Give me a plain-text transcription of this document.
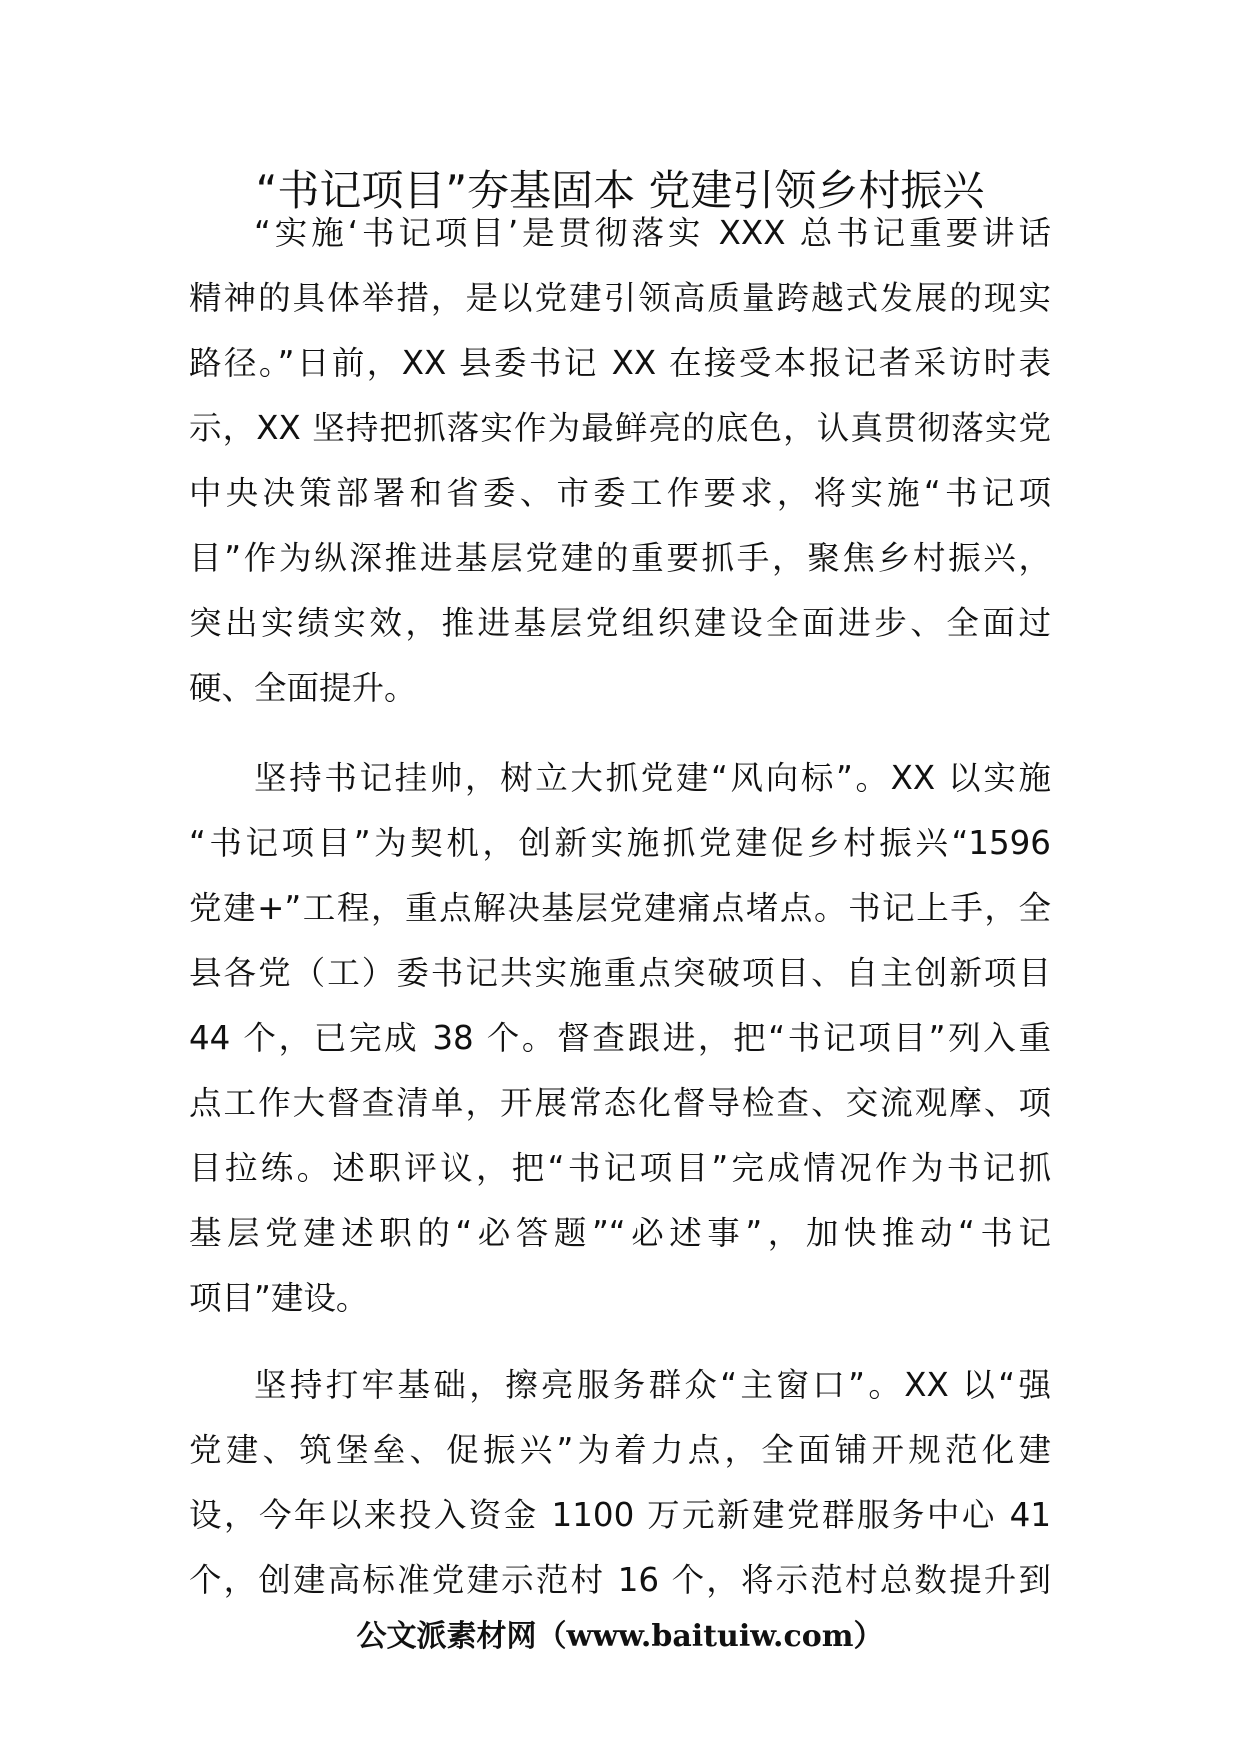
“书记项目”夯基固本 党建引领乡村振兴
“实施‘书记项目’是贯彻落实 XXX 总书记重要讲话
精神的具体举措，是以党建引领高质量跨越式发展的现实
路径。”日前，XX 县委书记 XX 在接受本报记者采访时表
示，XX 坚持把抓落实作为最鲜亮的底色，认真贯彻落实党
中央决策部署和省委、市委工作要求，将实施“书记项
目”作为纵深推进基层党建的重要抓手，聚焦乡村振兴，
突出实绩实效，推进基层党组织建设全面进步、全面过
硬、全面提升。
坚持书记挂帅，树立大抓党建“风向标”。XX 以实施
“书记项目”为契机，创新实施抓党建促乡村振兴“1596
党建+”工程，重点解决基层党建痛点堵点。书记上手，全
县各党（工）委书记共实施重点突破项目、自主创新项目
44 个，已完成 38 个。督查跟进，把“书记项目”列入重
点工作大督查清单，开展常态化督导检查、交流观摩、项
目拉练。述职评议，把“书记项目”完成情况作为书记抓
基层党建述职的“必答题”“必述事”，加快推动“书记
项目”建设。
坚持打牢基础，擦亮服务群众“主窗口”。XX 以“强
党建、筑堡垒、促振兴”为着力点，全面铺开规范化建
设，今年以来投入资金 1100 万元新建党群服务中心 41
个，创建高标准党建示范村 16 个，将示范村总数提升到
公文派素材网（www.baituiw.com）
